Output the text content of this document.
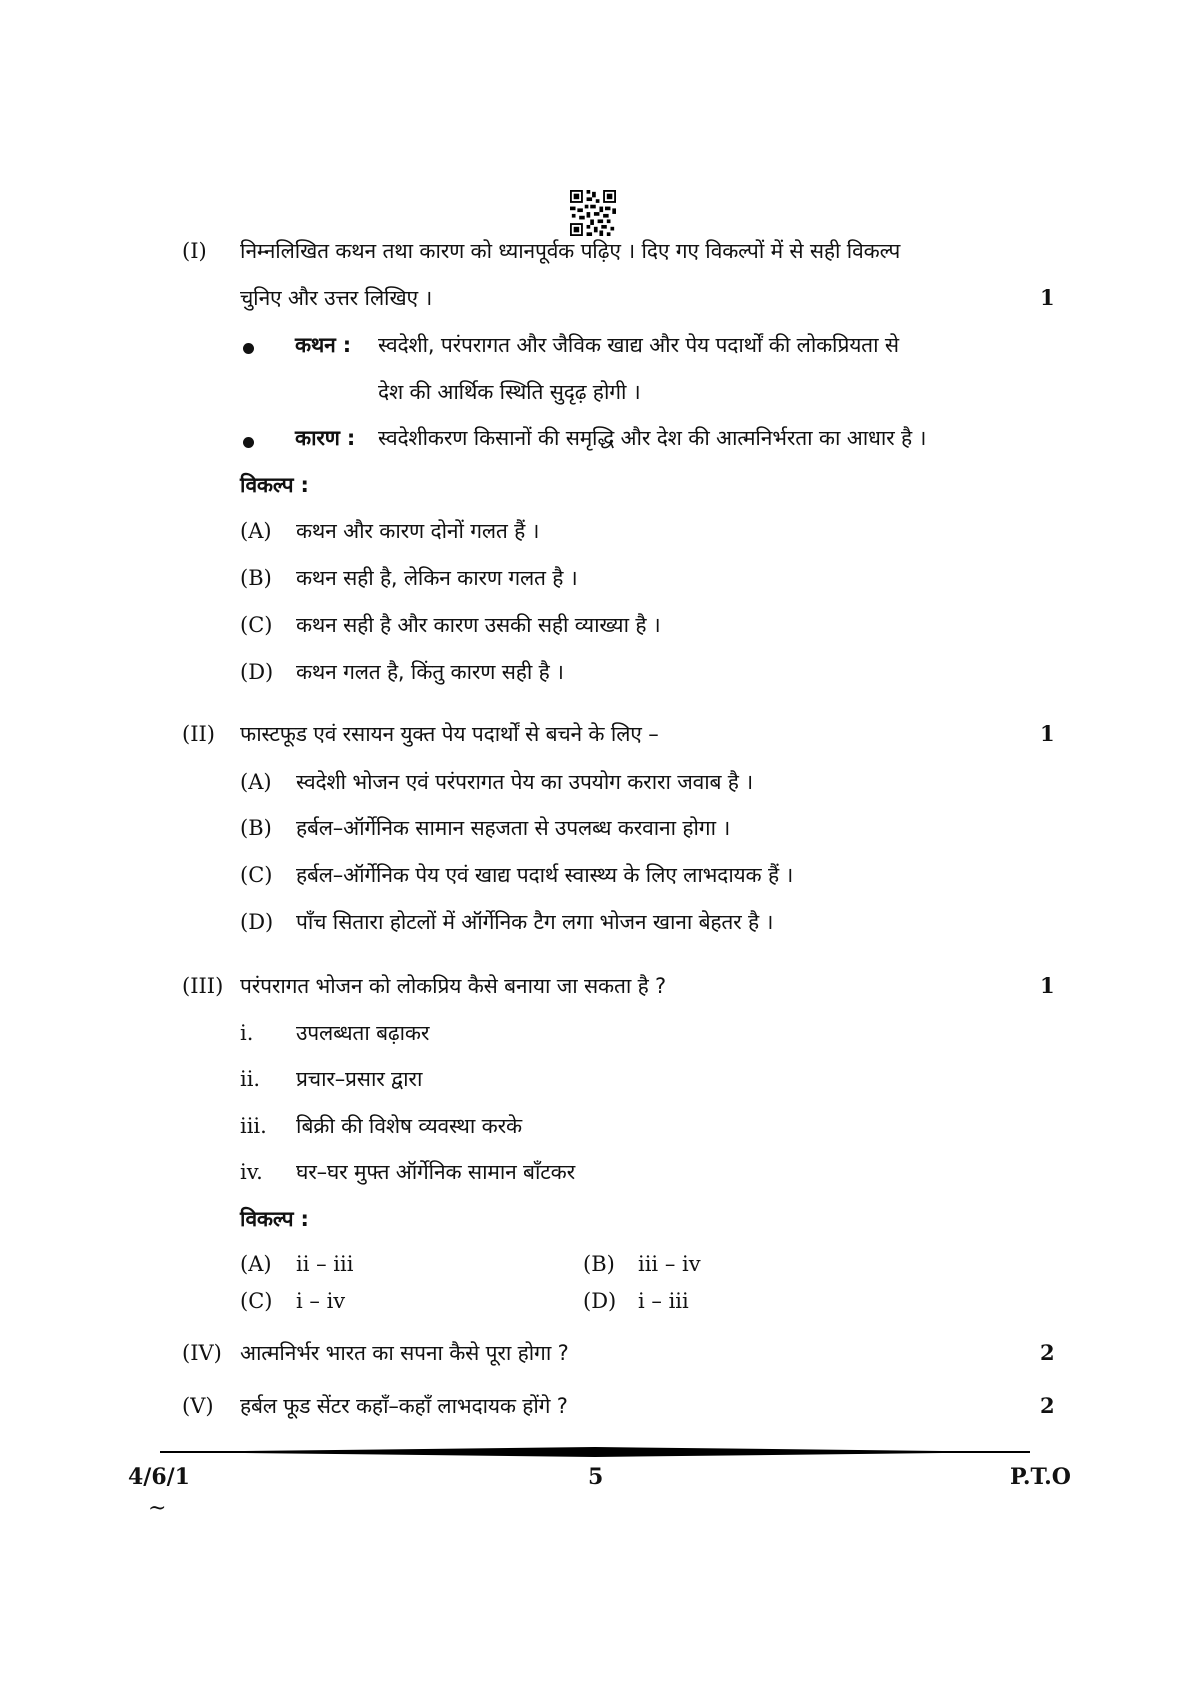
(I) निम्नलिखित कथन तथा कारण को ध्यानपूर्वक पढ़िए । दिए गए विकल्पों में से सही विकल्प
चुनिए और उत्तर लिखिए ।	1
कथन : स्वदेशी, परंपरागत और जैविक खाद्य और पेय पदार्थों की लोकप्रियता से
देश की आर्थिक स्थिति सुदृढ़ होगी ।
कारण : स्वदेशीकरण किसानों की समृद्धि और देश की आत्मनिर्भरता का आधार है ।
विकल्प :
(A) कथन और कारण दोनों गलत हैं ।
(B) कथन सही है, लेकिन कारण गलत है ।
(C) कथन सही है और कारण उसकी सही व्याख्या है ।
(D) कथन गलत है, किंतु कारण सही है ।
(II) फास्टफूड एवं रसायन युक्त पेय पदार्थों से बचने के लिए –	1
(A) स्वदेशी भोजन एवं परंपरागत पेय का उपयोग करारा जवाब है ।
(B) हर्बल–ऑर्गेनिक सामान सहजता से उपलब्ध करवाना होगा ।
(C) हर्बल–ऑर्गेनिक पेय एवं खाद्य पदार्थ स्वास्थ्य के लिए लाभदायक हैं ।
(D) पाँच सितारा होटलों में ऑर्गेनिक टैग लगा भोजन खाना बेहतर है ।
(III) परंपरागत भोजन को लोकप्रिय कैसे बनाया जा सकता है ?	1
i. उपलब्धता बढ़ाकर
ii. प्रचार–प्रसार द्वारा
iii. बिक्री की विशेष व्यवस्था करके
iv. घर–घर मुफ्त ऑर्गेनिक सामान बाँटकर
विकल्प :
(A) ii – iii	(B) iii – iv
(C) i – iv	(D) i – iii
(IV) आत्मनिर्भर भारत का सपना कैसे पूरा होगा ?	2
(V) हर्बल फूड सेंटर कहाँ–कहाँ लाभदायक होंगे ?	2
4/6/1	5	P.T.O
~
